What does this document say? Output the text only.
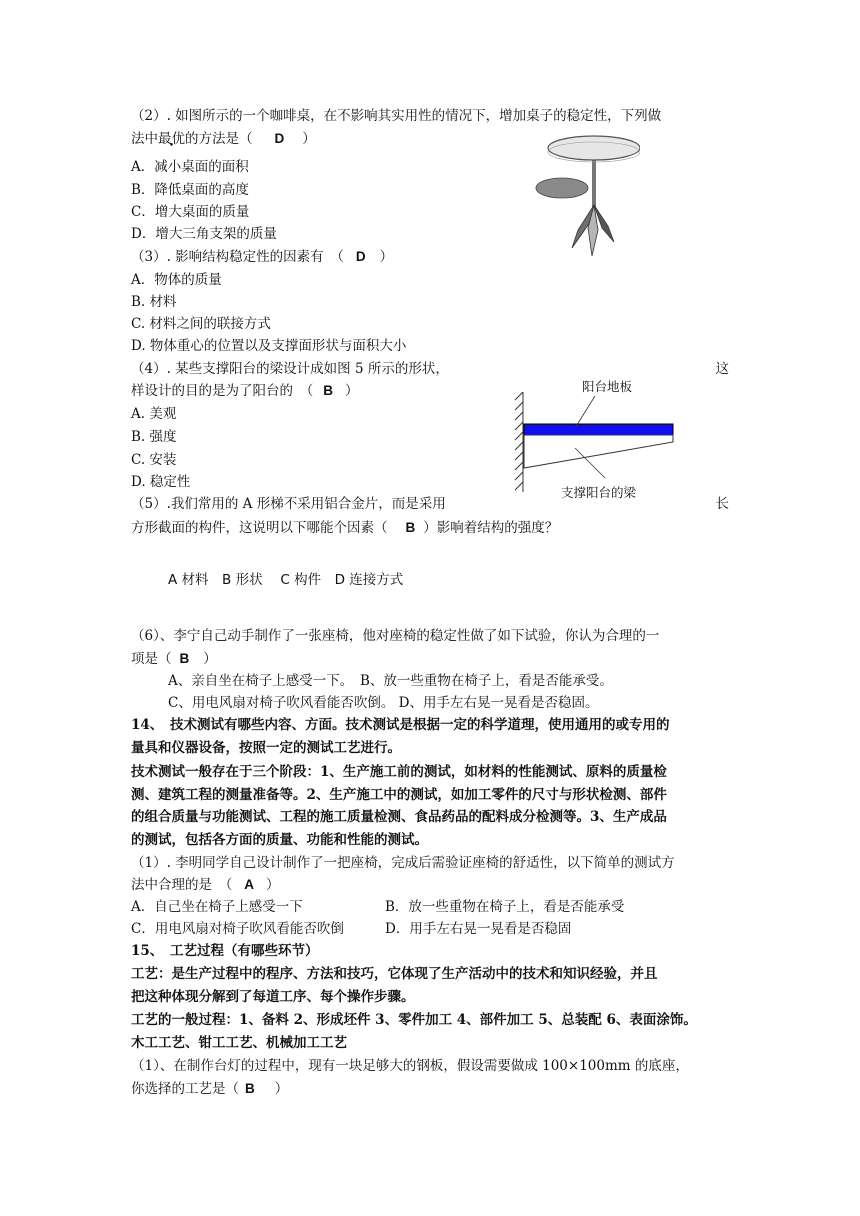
（2）. 如图所示的一个咖啡桌，在不影响其实用性的情况下，增加桌子的稳定性，下列做
法中最优的方法是（ D ）
A．减小桌面的面积
B．降低桌面的高度
C．增大桌面的质量
D．增大三角支架的质量
（3）. 影响结构稳定性的因素有　（ D ）
A．物体的质量
B. 材料
C. 材料之间的联接方式
D. 物体重心的位置以及支撑面形状与面积大小
（4）. 某些支撑阳台的梁设计成如图 5 所示的形状，	这
样设计的目的是为了阳台的　（ B ）
A. 美观
B. 强度
C. 安装
D. 稳定性
阳台地板
支撑阳台的梁
（5）.我们常用的 A 形梯不采用铝合金片，而是采用	长
方形截面的构件，这说明以下哪能个因素（ B ）影响着结构的强度？
A 材料　B 形状　 C 构件　D 连接方式
（6）、李宁自己动手制作了一张座椅，他对座椅的稳定性做了如下试验，你认为合理的一
项是（ B ）
A、亲自坐在椅子上感受一下。　B、放一些重物在椅子上，看是否能承受。
C、用电风扇对椅子吹风看能否吹倒。 D、用手左右晃一晃看是否稳固。
14、　技术测试有哪些内容、方面。技术测试是根据一定的科学道理，使用通用的或专用的
量具和仪器设备，按照一定的测试工艺进行。
技术测试一般存在于三个阶段：1、生产施工前的测试，如材料的性能测试、原料的质量检
测、建筑工程的测量准备等。2、生产施工中的测试，如加工零件的尺寸与形状检测、部件
的组合质量与功能测试、工程的施工质量检测、食品药品的配料成分检测等。3、生产成品
的测试，包括各方面的质量、功能和性能的测试。
（1）. 李明同学自己设计制作了一把座椅，完成后需验证座椅的舒适性，以下简单的测试方
法中合理的是　（ A ）
A．自己坐在椅子上感受一下	B．放一些重物在椅子上，看是否能承受
C．用电风扇对椅子吹风看能否吹倒	D．用手左右晃一晃看是否稳固
15、　工艺过程（有哪些环节）
工艺：是生产过程中的程序、方法和技巧，它体现了生产活动中的技术和知识经验，并且
把这种体现分解到了每道工序、每个操作步骤。
工艺的一般过程：1、备料 2、形成坯件 3、零件加工 4、部件加工 5、总装配 6、表面涂饰。
木工工艺、钳工工艺、机械加工工艺
（1）、在制作台灯的过程中，现有一块足够大的钢板，假设需要做成 100×100mm 的底座，
你选择的工艺是（ B ）
